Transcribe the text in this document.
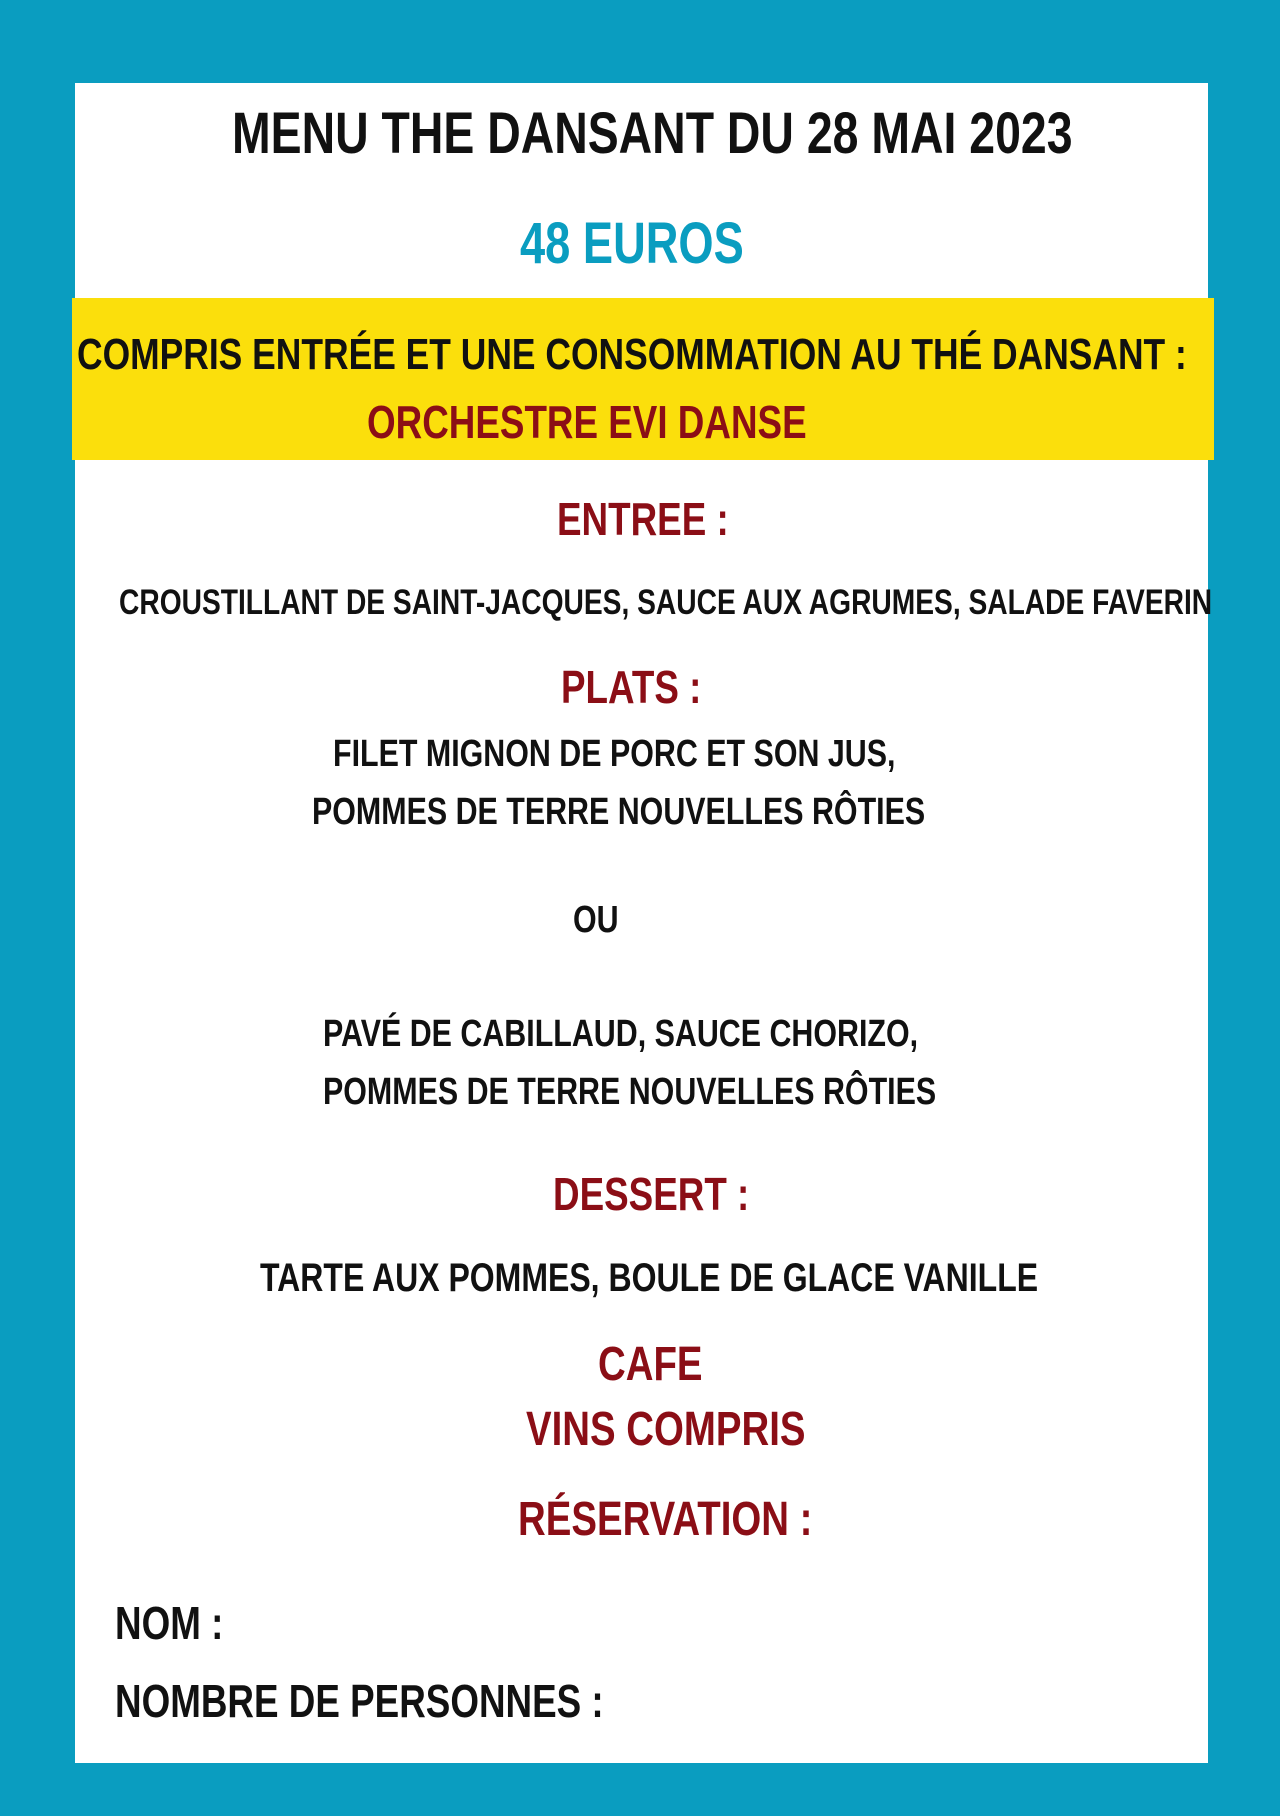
MENU THE DANSANT DU 28 MAI 2023
48 EUROS
COMPRIS ENTRÉE ET UNE CONSOMMATION AU THÉ DANSANT :
ORCHESTRE EVI DANSE
ENTREE :
CROUSTILLANT DE SAINT-JACQUES, SAUCE AUX AGRUMES, SALADE FAVERIN
PLATS :
FILET MIGNON DE PORC ET SON JUS,
POMMES DE TERRE NOUVELLES RÔTIES
OU
PAVÉ DE CABILLAUD, SAUCE CHORIZO,
POMMES DE TERRE NOUVELLES RÔTIES
DESSERT :
TARTE AUX POMMES, BOULE DE GLACE VANILLE
CAFE
VINS COMPRIS
RÉSERVATION :
NOM :
NOMBRE DE PERSONNES :
